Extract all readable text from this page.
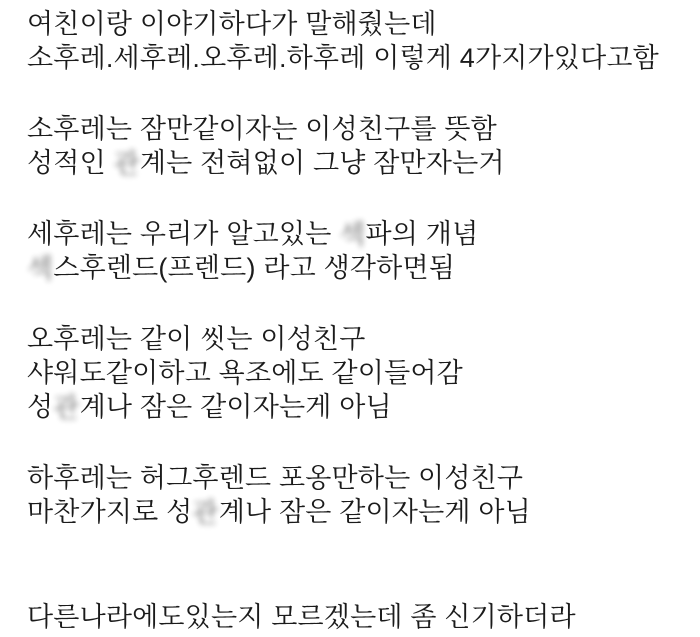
여친이랑 이야기하다가 말해줬는데
소후레.세후레.오후레.하후레 이렇게 4가지가있다고함
소후레는 잠만같이자는 이성친구를 뜻함
성적인 관계는 전혀없이 그냥 잠만자는거
세후레는 우리가 알고있는 섹파의 개념
섹스후렌드(프렌드) 라고 생각하면됨
오후레는 같이 씻는 이성친구
샤워도같이하고 욕조에도 같이들어감
성관계나 잠은 같이자는게 아님
하후레는 허그후렌드 포옹만하는 이성친구
마찬가지로 성관계나 잠은 같이자는게 아님
다른나라에도있는지 모르겠는데 좀 신기하더라
